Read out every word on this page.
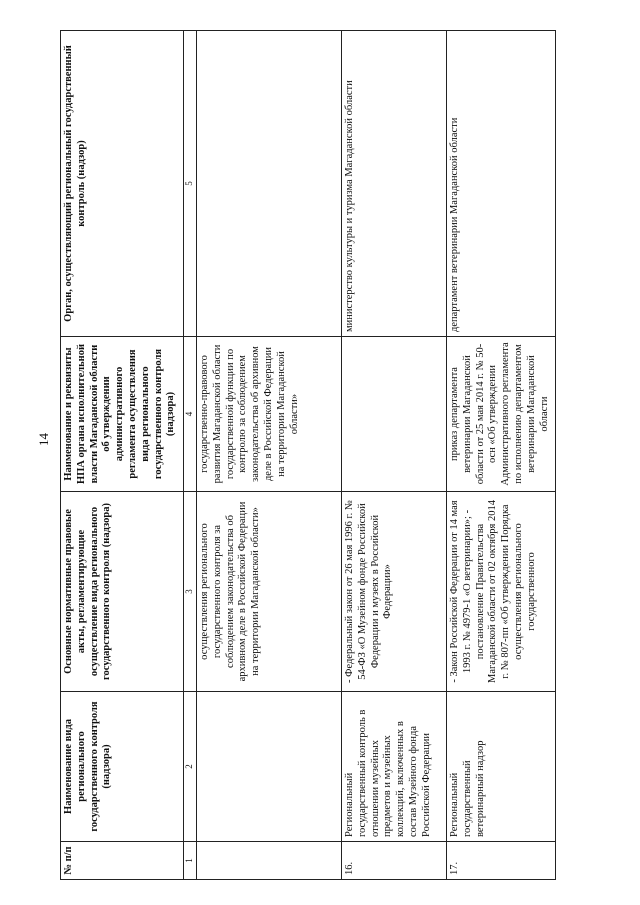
14
№ п/п	Наименование вида регионального государственного контроля (надзора)	Основные нормативные правовые акты, регламентирующие осуществление вида регионального государственного контроля (надзора)	Наименование и реквизиты НПА органа исполнительной власти Магаданской области об утверждении административного регламента осуществления вида регионального государственного контроля (надзора)	Орган, осуществляющий региональный государственный контроль (надзор)
1	2	3	4	5
		осуществления регионального государственного контроля за соблюдением законодательства об архивном деле в Российской Федерации на территории Магаданской области»	государственно-правового развития Магаданской области государственной функции по контролю за соблюдением законодательства об архивном деле в Российской Федерации на территории Магаданской области»	
16.	Региональный государственный контроль в отношении музейных предметов и музейных коллекций, включенных в состав Музейного фонда Российской Федерации	- Федеральный закон от 26 мая 1996 г. № 54-ФЗ «О Музейном фонде Российской Федерации и музеях в Российской Федерации»		министерство культуры и туризма Магаданской области
17.	Региональный государственный ветеринарный надзор	- Закон Российской Федерации от 14 мая 1993 г. № 4979-1 «О ветеринарии»; - постановление Правительства Магаданской области от 02 октября 2014 г. № 807-пп «Об утверждении Порядка осуществления регионального государственного	приказ департамента ветеринарии Магаданской области от 25 мая 2014 г. № 50-осн «Об утверждении Административного регламента по исполнению департаментом ветеринарии Магаданской области	департамент ветеринарии Магаданской области
